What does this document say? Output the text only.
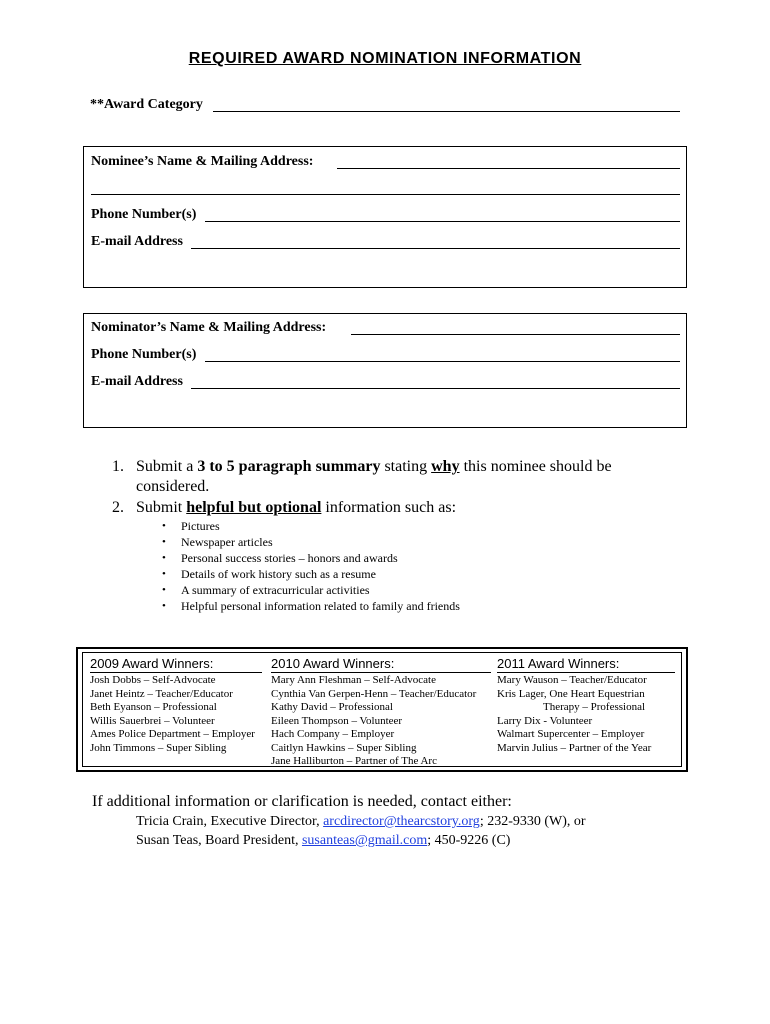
REQUIRED AWARD NOMINATION INFORMATION
**Award Category
Nominee’s Name & Mailing Address:
Phone Number(s)
E-mail Address
Nominator’s Name & Mailing Address:
Phone Number(s)
E-mail Address
1. Submit a 3 to 5 paragraph summary stating why this nominee should be considered.
2. Submit helpful but optional information such as:
• Pictures
• Newspaper articles
• Personal success stories – honors and awards
• Details of work history such as a resume
• A summary of extracurricular activities
• Helpful personal information related to family and friends
2009 Award Winners:
Josh Dobbs – Self-Advocate
Janet Heintz – Teacher/Educator
Beth Eyanson – Professional
Willis Sauerbrei – Volunteer
Ames Police Department – Employer
John Timmons – Super Sibling
2010 Award Winners:
Mary Ann Fleshman – Self-Advocate
Cynthia Van Gerpen-Henn – Teacher/Educator
Kathy David – Professional
Eileen Thompson – Volunteer
Hach Company – Employer
Caitlyn Hawkins – Super Sibling
Jane Halliburton – Partner of The Arc
2011 Award Winners:
Mary Wauson – Teacher/Educator
Kris Lager, One Heart Equestrian
Therapy – Professional
Larry Dix - Volunteer
Walmart Supercenter – Employer
Marvin Julius – Partner of the Year
If additional information or clarification is needed, contact either:
Tricia Crain, Executive Director, arcdirector@thearcstory.org; 232-9330 (W), or
Susan Teas, Board President, susanteas@gmail.com; 450-9226 (C)
